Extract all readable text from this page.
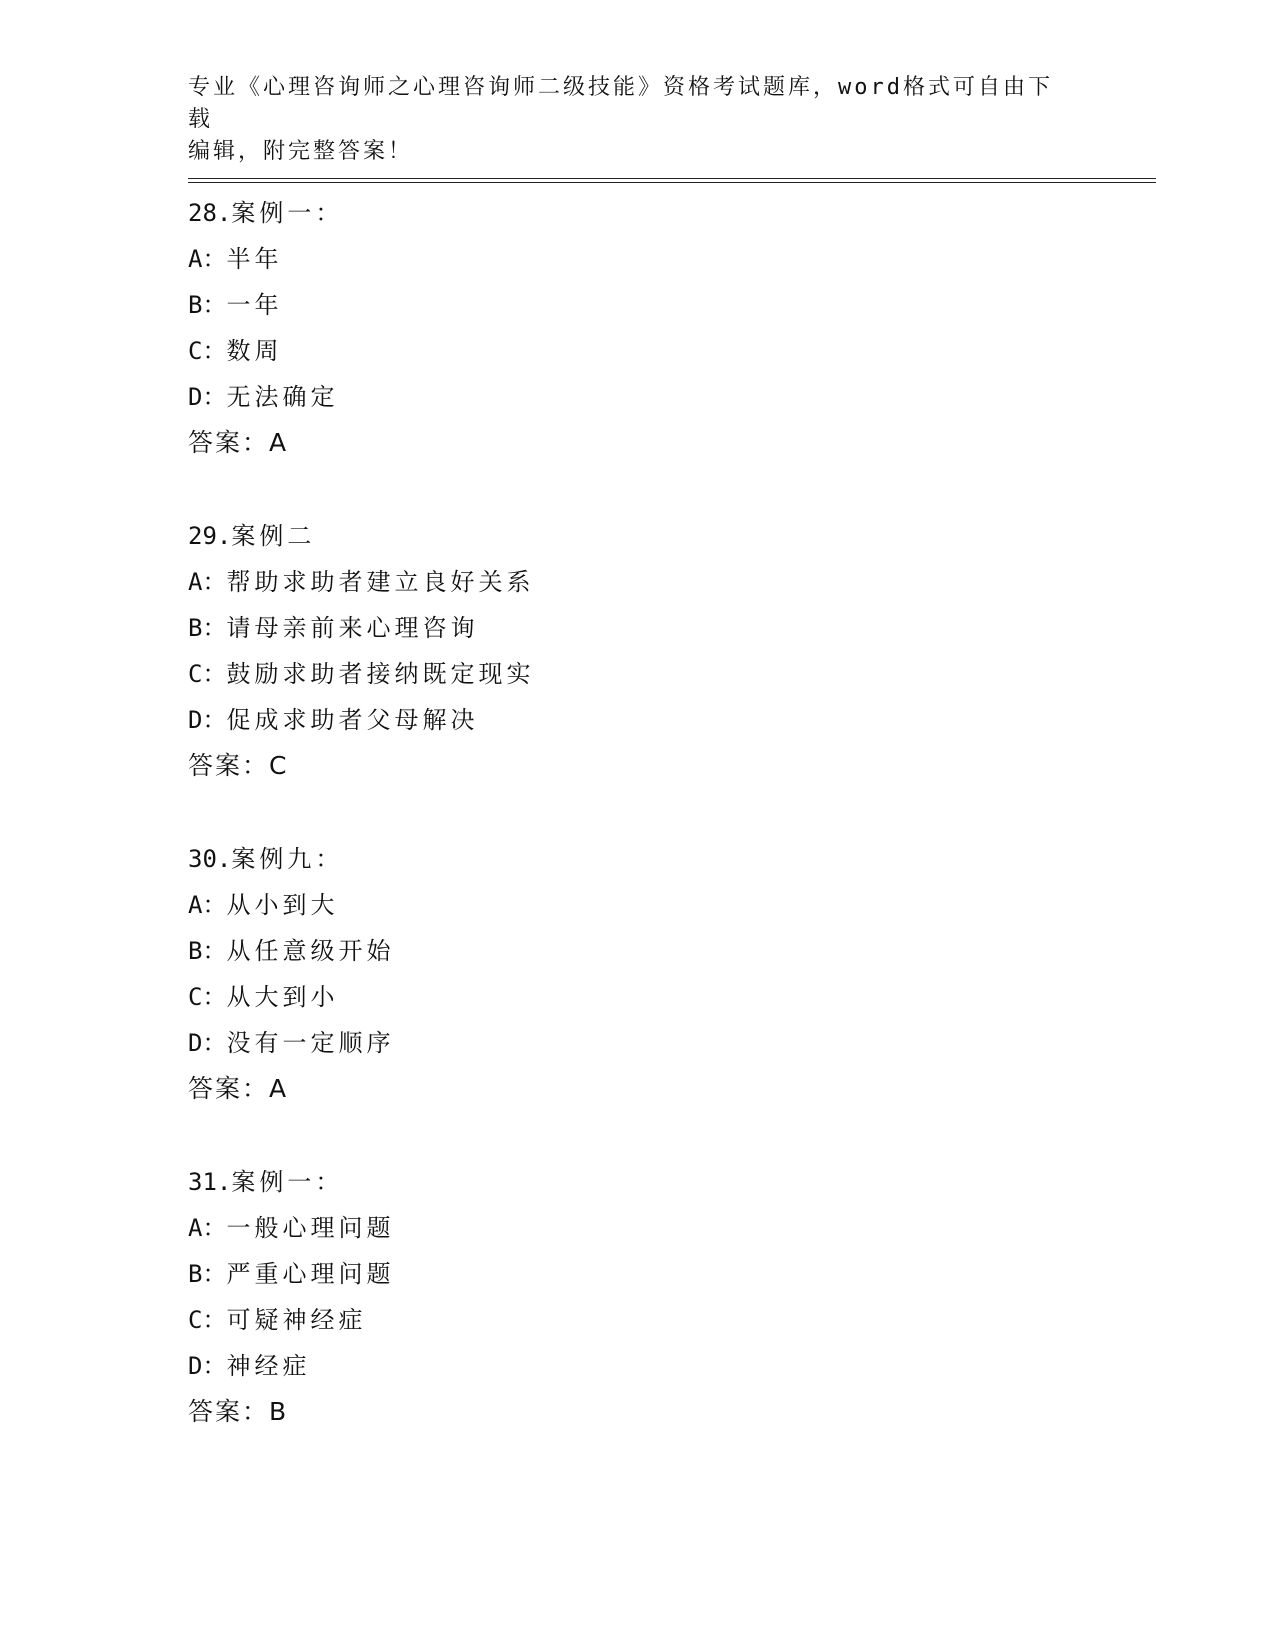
专业《心理咨询师之心理咨询师二级技能》资格考试题库，word格式可自由下载
编辑，附完整答案！
28.案例一：
A：半年
B：一年
C：数周
D：无法确定
答案：A
29.案例二
A：帮助求助者建立良好关系
B：请母亲前来心理咨询
C：鼓励求助者接纳既定现实
D：促成求助者父母解决
答案：C
30.案例九：
A：从小到大
B：从任意级开始
C：从大到小
D：没有一定顺序
答案：A
31.案例一：
A：一般心理问题
B：严重心理问题
C：可疑神经症
D：神经症
答案：B
